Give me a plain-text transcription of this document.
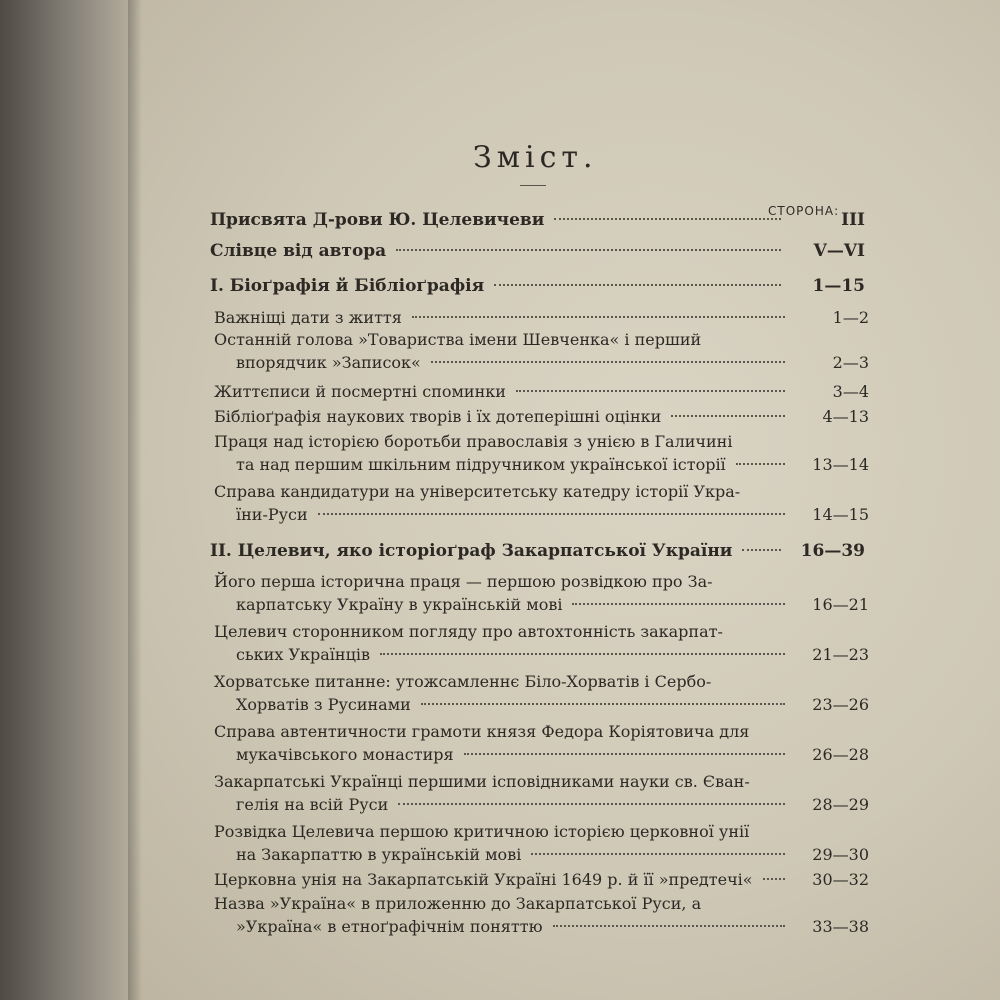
Зміст.
СТОРОНА:
Присвята Д-рови Ю. Целевичеви	III
Слівце від автора	V—VI
І. Біоґрафія й Бібліоґрафія	1—15
Важніщі дати з життя	1—2
Останній голова »Товариства імени Шевченка« і перший
впорядчик »Записок«	2—3
Життєписи й посмертні споминки	3—4
Бібліоґрафія наукових творів і їх дотеперішні оцінки	4—13
Праця над історією боротьби православія з унією в Галичині
та над першим шкільним підручником української історії	13—14
Справа кандидатури на університетську катедру історії Укра-
їни-Руси	14—15
ІІ. Целевич, яко історіоґраф Закарпатської України	16—39
Його перша історична праця — першою розвідкою про За-
карпатську Україну в українській мові	16—21
Целевич сторонником погляду про автохтонність закарпат-
ських Українців	21—23
Хорватське питанне: утожсамленнє Біло-Хорватів і Сербо-
Хорватів з Русинами	23—26
Справа автентичности грамоти князя Федора Коріятовича для
мукачівського монастиря	26—28
Закарпатські Українці першими ісповідниками науки св. Єван-
гелія на всій Руси	28—29
Розвідка Целевича першою критичною історією церковної унії
на Закарпаттю в українській мові	29—30
Церковна унія на Закарпатській Україні 1649 р. й її »предтечі«	30—32
Назва »Україна« в приложенню до Закарпатської Руси, а
»Україна« в етноґрафічнім поняттю	33—38
